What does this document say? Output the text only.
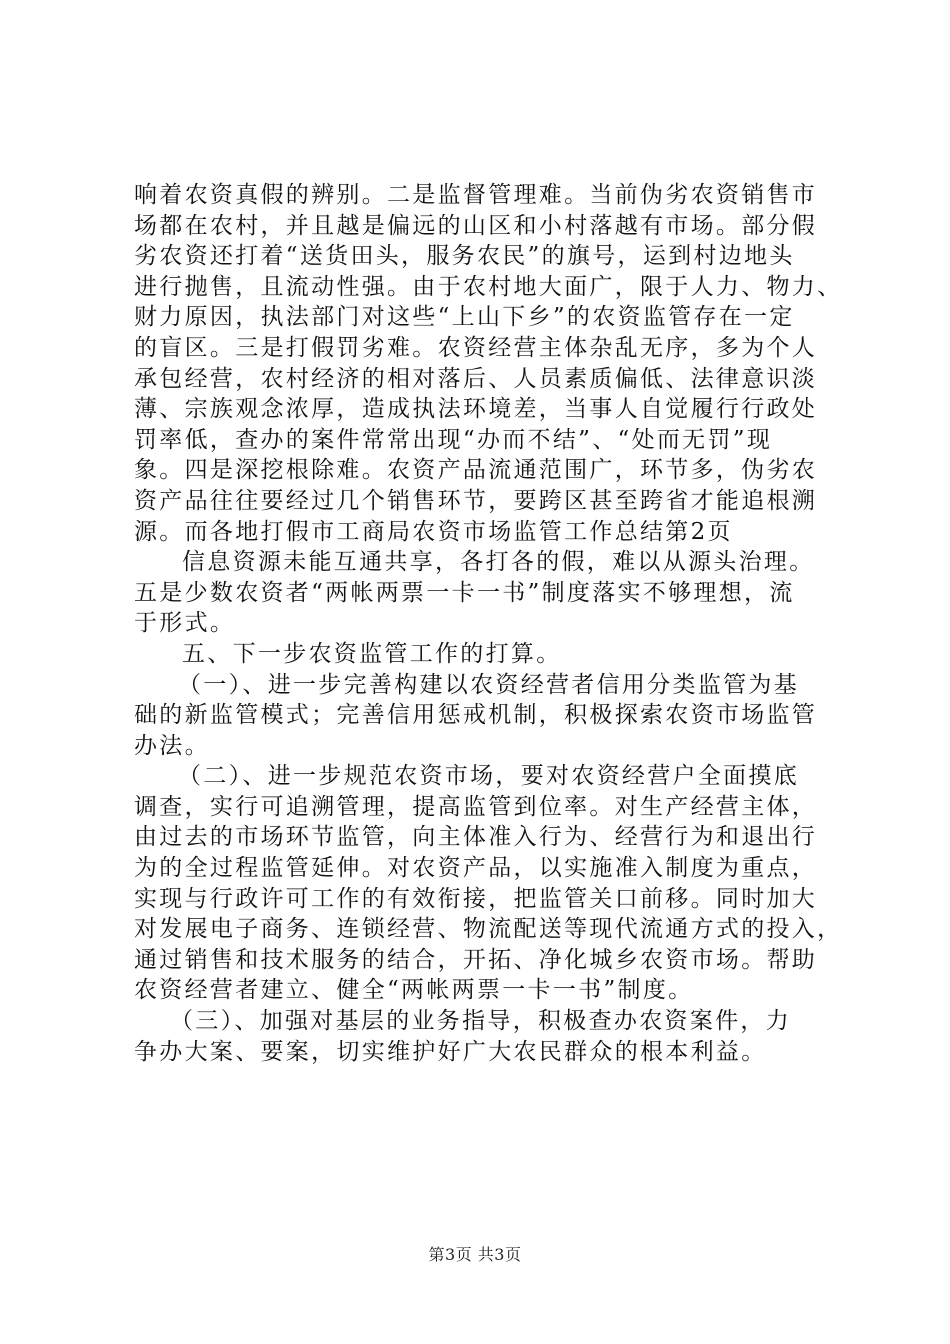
响着农资真假的辨别。二是监督管理难。当前伪劣农资销售市
场都在农村，并且越是偏远的山区和小村落越有市场。部分假
劣农资还打着“送货田头，服务农民”的旗号，运到村边地头
进行抛售，且流动性强。由于农村地大面广，限于人力、物力、
财力原因，执法部门对这些“上山下乡”的农资监管存在一定
的盲区。三是打假罚劣难。农资经营主体杂乱无序，多为个人
承包经营，农村经济的相对落后、人员素质偏低、法律意识淡
薄、宗族观念浓厚，造成执法环境差，当事人自觉履行行政处
罚率低，查办的案件常常出现“办而不结”、“处而无罚”现
象。四是深挖根除难。农资产品流通范围广，环节多，伪劣农
资产品往往要经过几个销售环节，要跨区甚至跨省才能追根溯
源。而各地打假市工商局农资市场监管工作总结第2页
信息资源未能互通共享，各打各的假，难以从源头治理。
五是少数农资者“两帐两票一卡一书”制度落实不够理想，流
于形式。
五、下一步农资监管工作的打算。
（一）、进一步完善构建以农资经营者信用分类监管为基
础的新监管模式；完善信用惩戒机制，积极探索农资市场监管
办法。
（二）、进一步规范农资市场，要对农资经营户全面摸底
调查，实行可追溯管理，提高监管到位率。对生产经营主体，
由过去的市场环节监管，向主体准入行为、经营行为和退出行
为的全过程监管延伸。对农资产品，以实施准入制度为重点，
实现与行政许可工作的有效衔接，把监管关口前移。同时加大
对发展电子商务、连锁经营、物流配送等现代流通方式的投入，
通过销售和技术服务的结合，开拓、净化城乡农资市场。帮助
农资经营者建立、健全“两帐两票一卡一书”制度。
（三）、加强对基层的业务指导，积极查办农资案件，力
争办大案、要案，切实维护好广大农民群众的根本利益。
第3页 共3页
